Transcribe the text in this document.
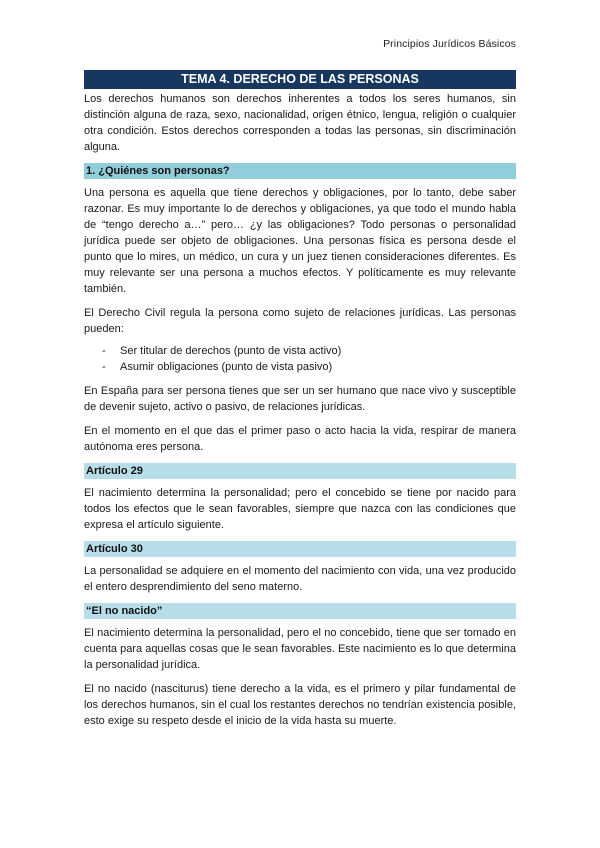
Principios Jurídicos Básicos
TEMA 4. DERECHO DE LAS PERSONAS

Los derechos humanos son derechos inherentes a todos los seres humanos, sin distinción alguna de raza, sexo, nacionalidad, origen étnico, lengua, religión o cualquier otra condición. Estos derechos corresponden a todas las personas, sin discriminación alguna.

1. ¿Quiénes son personas?

Una persona es aquella que tiene derechos y obligaciones, por lo tanto, debe saber razonar. Es muy importante lo de derechos y obligaciones, ya que todo el mundo habla de “tengo derecho a…” pero… ¿y las obligaciones? Todo personas o personalidad jurídica puede ser objeto de obligaciones. Una personas física es persona desde el punto que lo mires, un médico, un cura y un juez tienen consideraciones diferentes. Es muy relevante ser una persona a muchos efectos. Y políticamente es muy relevante también.

El Derecho Civil regula la persona como sujeto de relaciones jurídicas. Las personas pueden:

- Ser titular de derechos (punto de vista activo)
- Asumir obligaciones (punto de vista pasivo)

En España para ser persona tienes que ser un ser humano que nace vivo y susceptible de devenir sujeto, activo o pasivo, de relaciones jurídicas.

En el momento en el que das el primer paso o acto hacia la vida, respirar de manera autónoma eres persona.

Artículo 29

El nacimiento determina la personalidad; pero el concebido se tiene por nacido para todos los efectos que le sean favorables, siempre que nazca con las condiciones que expresa el artículo siguiente.

Artículo 30

La personalidad se adquiere en el momento del nacimiento con vida, una vez producido el entero desprendimiento del seno materno.

“El no nacido”

El nacimiento determina la personalidad, pero el no concebido, tiene que ser tomado en cuenta para aquellas cosas que le sean favorables. Este nacimiento es lo que determina la personalidad jurídica.

El no nacido (nasciturus) tiene derecho a la vida, es el primero y pilar fundamental de los derechos humanos, sin el cual los restantes derechos no tendrían existencia posible, esto exige su respeto desde el inicio de la vida hasta su muerte.
